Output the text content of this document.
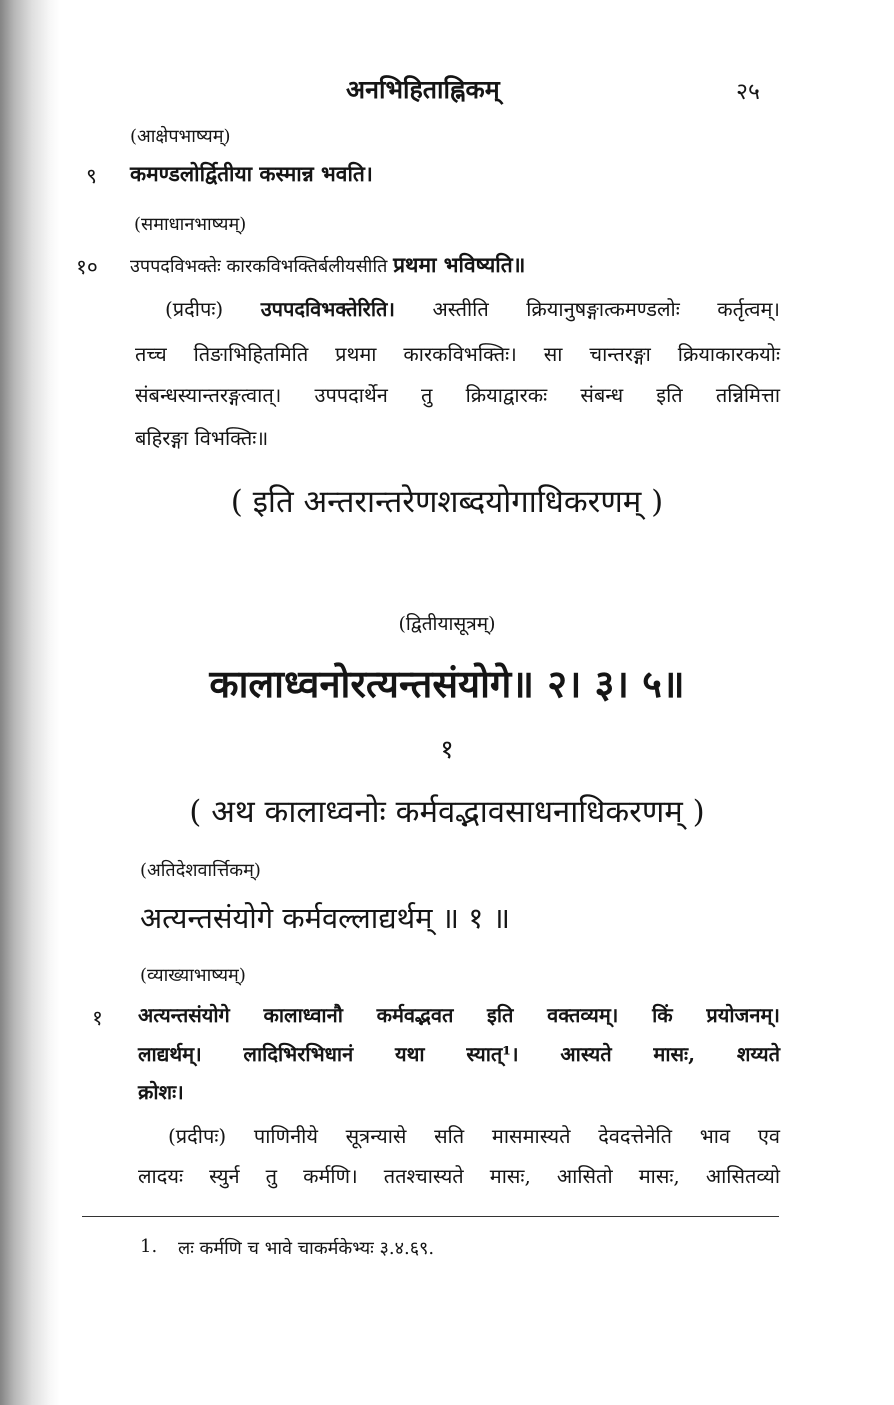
अनभिहिताह्निकम्	२५
(आक्षेपभाष्यम्)
९ कमण्डलोर्द्वितीया कस्मान्न भवति।
(समाधानभाष्यम्)
१० उपपदविभक्तेः कारकविभक्तिर्बलीयसीति प्रथमा भविष्यति॥
(प्रदीपः) उपपदविभक्तेरिति। अस्तीति क्रियानुषङ्गात्कमण्डलोः कर्तृत्वम्।
तच्च तिङाभिहितमिति प्रथमा कारकविभक्तिः। सा चान्तरङ्गा क्रियाकारकयोः
संबन्धस्यान्तरङ्गत्वात्। उपपदार्थेन तु क्रियाद्वारकः संबन्ध इति तन्निमित्ता
बहिरङ्गा विभक्तिः॥
( इति अन्तरान्तरेणशब्दयोगाधिकरणम् )
(द्वितीयासूत्रम्)
कालाध्वनोरत्यन्तसंयोगे॥ २। ३। ५॥
१
( अथ कालाध्वनोः कर्मवद्भावसाधनाधिकरणम् )
(अतिदेशवार्त्तिकम्)
अत्यन्तसंयोगे कर्मवल्लाद्यर्थम् ॥ १ ॥
(व्याख्याभाष्यम्)
१ अत्यन्तसंयोगे कालाध्वानौ कर्मवद्भवत इति वक्तव्यम्। किं प्रयोजनम्।
लाद्यर्थम्। लादिभिरभिधानं यथा स्यात्¹। आस्यते मासः, शय्यते
क्रोशः।
(प्रदीपः) पाणिनीये सूत्रन्यासे सति मासमास्यते देवदत्तेनेति भाव एव
लादयः स्युर्न तु कर्मणि। ततश्चास्यते मासः, आसितो मासः, आसितव्यो
1. लः कर्मणि च भावे चाकर्मकेभ्यः ३.४.६९.
